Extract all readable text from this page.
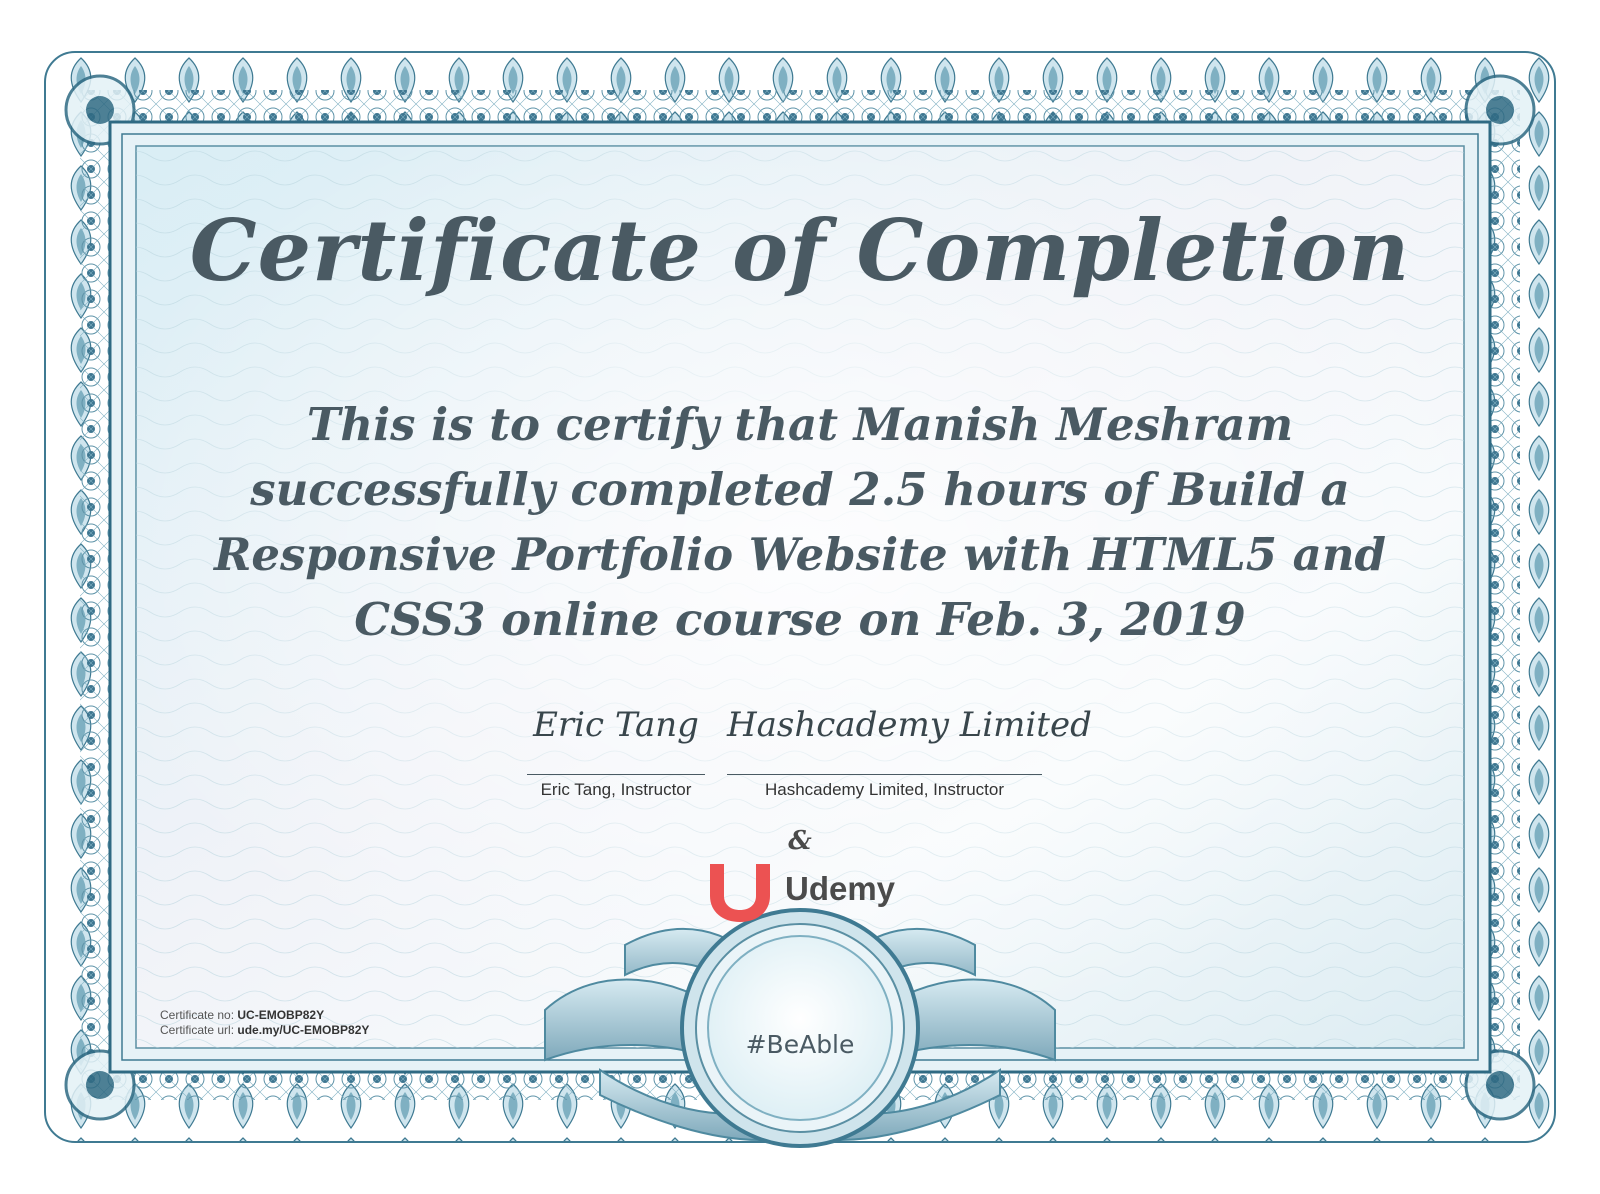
Certificate of Completion
This is to certify that Manish Meshram successfully completed 2.5 hours of Build a Responsive Portfolio Website with HTML5 and CSS3 online course on Feb. 3, 2019
Eric Tang
Eric Tang, Instructor
Hashcademy Limited
Hashcademy Limited, Instructor
&
Udemy
Certificate no: UC-EMOBP82Y
Certificate url: ude.my/UC-EMOBP82Y	#BeAble
